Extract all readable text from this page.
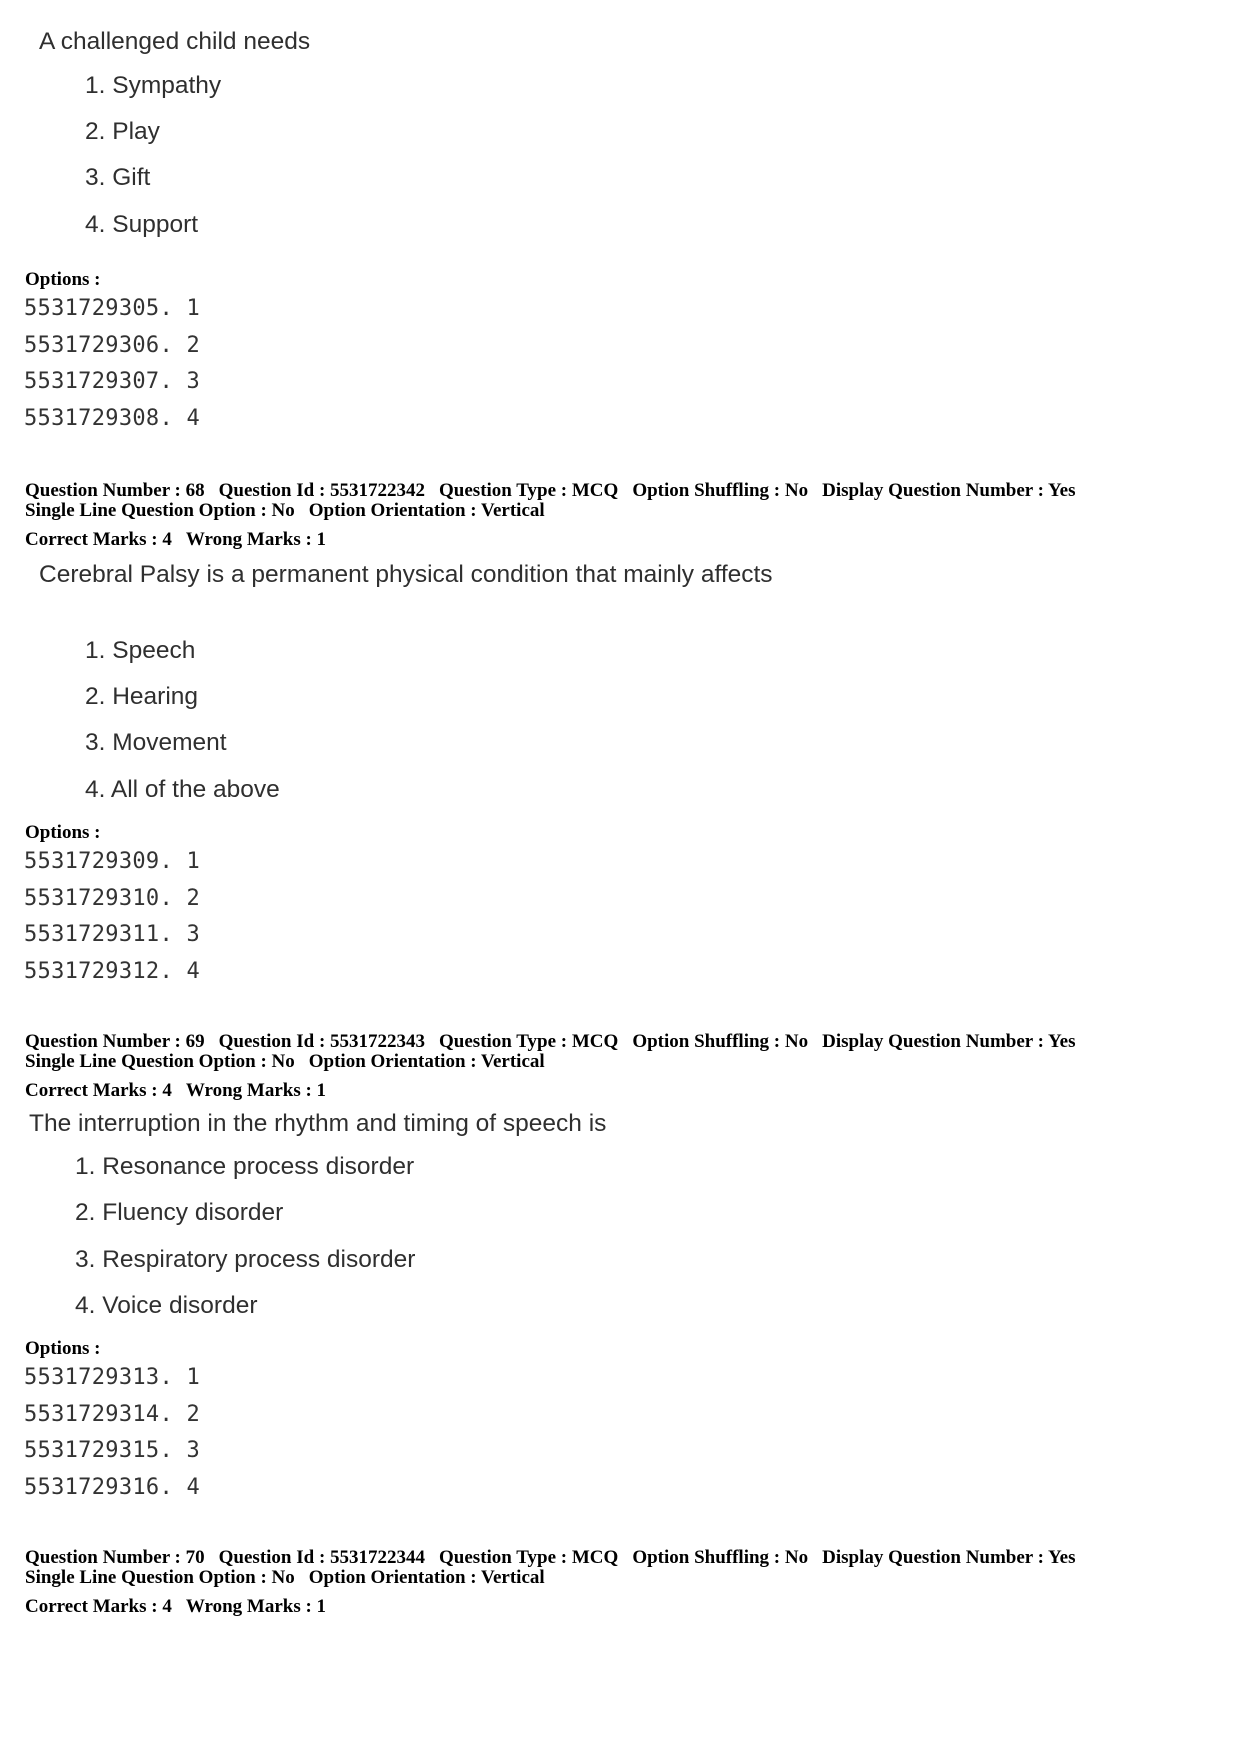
A challenged child needs
1. Sympathy
2. Play
3. Gift
4. Support
Options :
5531729305. 1
5531729306. 2
5531729307. 3
5531729308. 4
Question Number : 68 Question Id : 5531722342 Question Type : MCQ Option Shuffling : No Display Question Number : Yes
Single Line Question Option : No Option Orientation : Vertical
Correct Marks : 4 Wrong Marks : 1
Cerebral Palsy is a permanent physical condition that mainly affects
1. Speech
2. Hearing
3. Movement
4. All of the above
Options :
5531729309. 1
5531729310. 2
5531729311. 3
5531729312. 4
Question Number : 69 Question Id : 5531722343 Question Type : MCQ Option Shuffling : No Display Question Number : Yes
Single Line Question Option : No Option Orientation : Vertical
Correct Marks : 4 Wrong Marks : 1
The interruption in the rhythm and timing of speech is
1. Resonance process disorder
2. Fluency disorder
3. Respiratory process disorder
4. Voice disorder
Options :
5531729313. 1
5531729314. 2
5531729315. 3
5531729316. 4
Question Number : 70 Question Id : 5531722344 Question Type : MCQ Option Shuffling : No Display Question Number : Yes
Single Line Question Option : No Option Orientation : Vertical
Correct Marks : 4 Wrong Marks : 1
